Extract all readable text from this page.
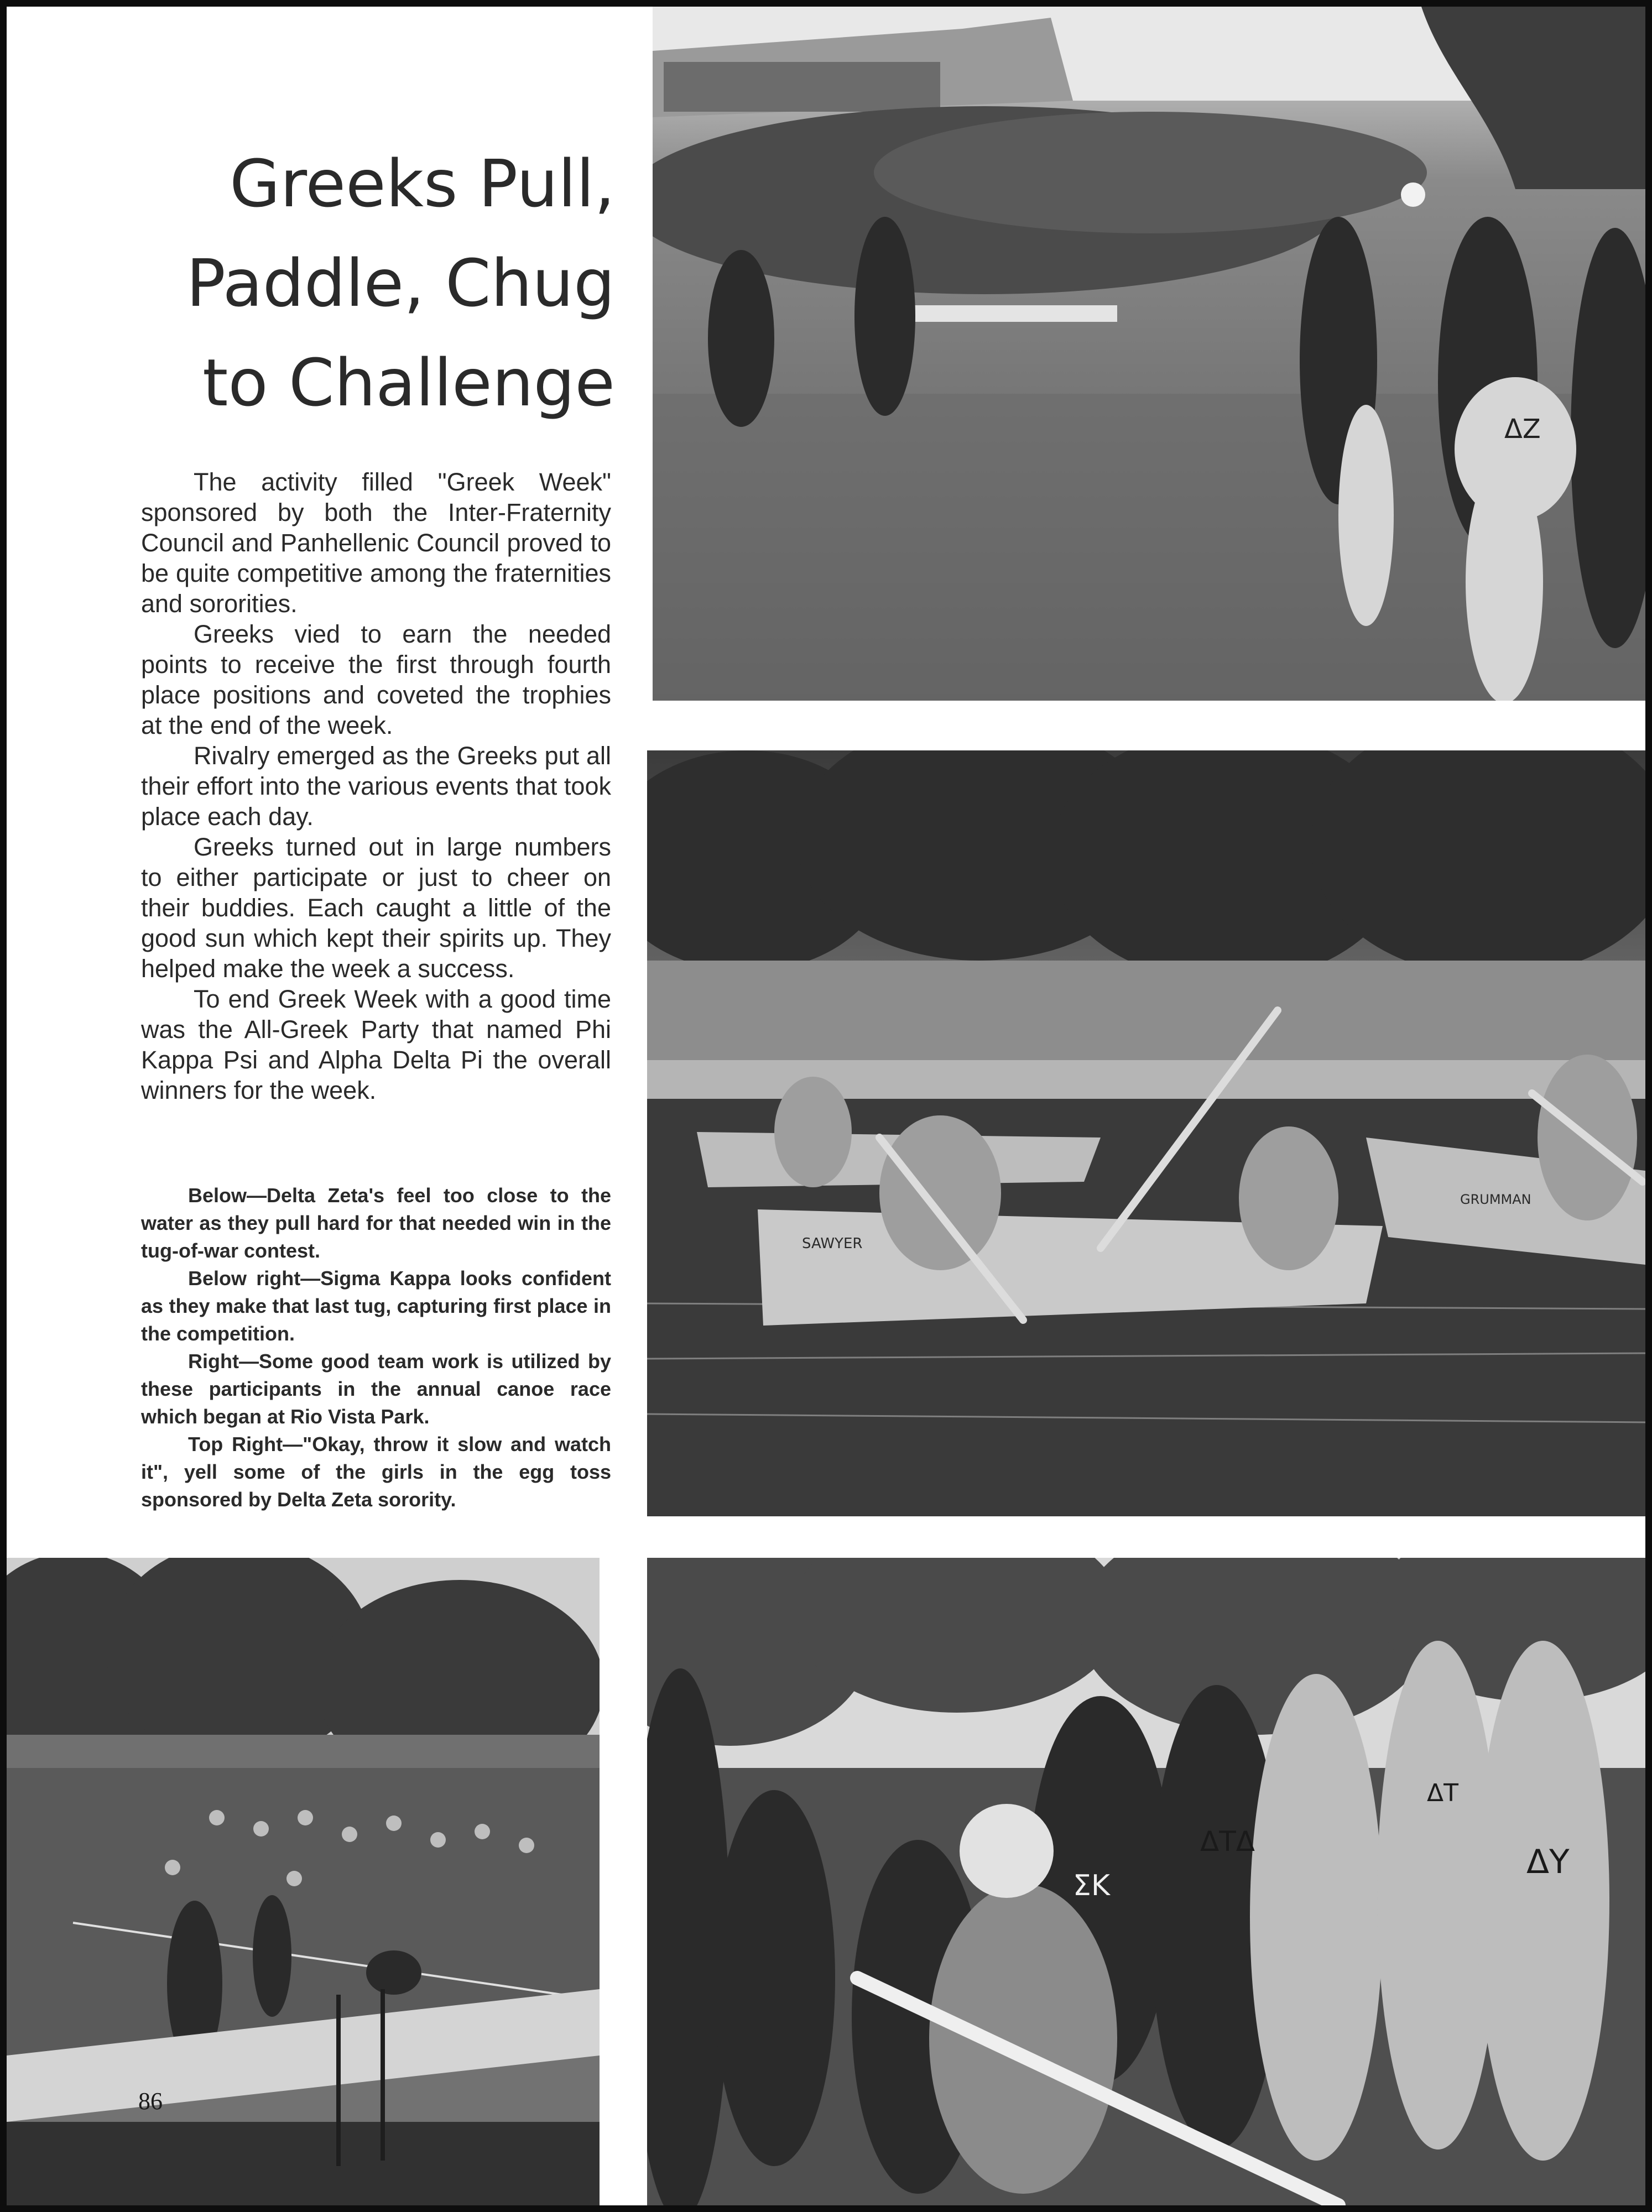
Greeks Pull,
Paddle, Chug
to Challenge

The activity filled "Greek Week" sponsored by both the Inter-Fraternity Council and Panhellenic Council proved to be quite competitive among the fraternities and sororities.

Greeks vied to earn the needed points to receive the first through fourth place positions and coveted the trophies at the end of the week.

Rivalry emerged as the Greeks put all their effort into the various events that took place each day.

Greeks turned out in large numbers to either participate or just to cheer on their buddies. Each caught a little of the good sun which kept their spirits up. They helped make the week a success.

To end Greek Week with a good time was the All-Greek Party that named Phi Kappa Psi and Alpha Delta Pi the overall winners for the week.

Below—Delta Zeta's feel too close to the water as they pull hard for that needed win in the tug-of-war contest.

Below right—Sigma Kappa looks confident as they make that last tug, capturing first place in the competition.

Right—Some good team work is utilized by these participants in the annual canoe race which began at Rio Vista Park.

Top Right—"Okay, throw it slow and watch it", yell some of the girls in the egg toss sponsored by Delta Zeta sorority.

ΔZ
SAWYER
GRUMMAN
86
ΣK
ΔΤΔ
ΔΤ
ΔΥ
